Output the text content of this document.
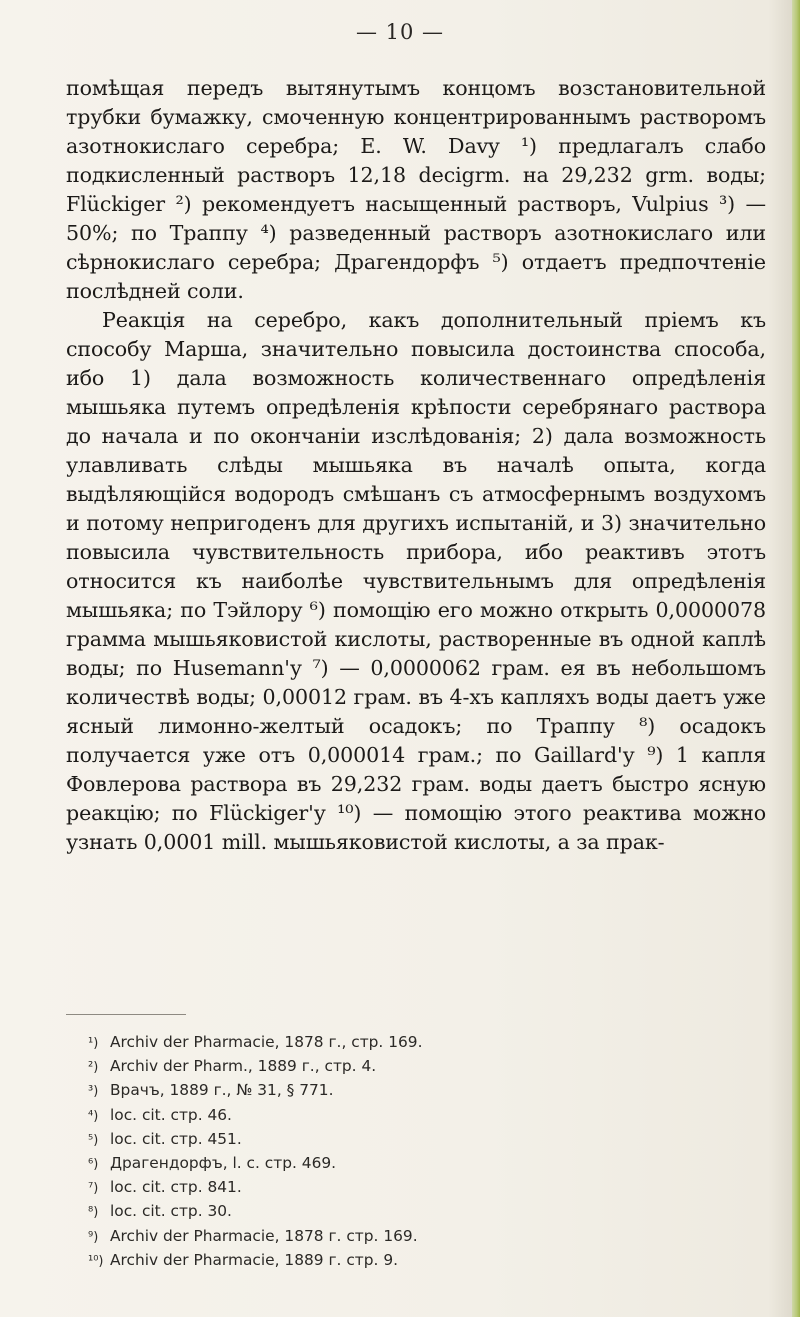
— 10 —

помѣщая передъ вытянутымъ концомъ возстановительной трубки бумажку, смоченную концентрированнымъ растворомъ азотнокислаго серебра; E. W. Davy ¹) предлагалъ слабо подкисленный растворъ 12,18 decigrm. на 29,232 grm. воды; Flückiger ²) рекомендуетъ насыщенный растворъ, Vulpius ³) — 50%; по Траппу ⁴) разведенный растворъ азотнокислаго или сѣрнокислаго серебра; Драгендорфъ ⁵) отдаетъ предпочтеніе послѣдней соли.

Реакція на серебро, какъ дополнительный пріемъ къ способу Марша, значительно повысила достоинства способа, ибо 1) дала возможность количественнаго опредѣленія мышьяка путемъ опредѣленія крѣпости серебрянаго раствора до начала и по окончаніи изслѣдованія; 2) дала возможность улавливать слѣды мышьяка въ началѣ опыта, когда выдѣляющійся водородъ смѣшанъ съ атмосфернымъ воздухомъ и потому непригоденъ для другихъ испытаній, и 3) значительно повысила чувствительность прибора, ибо реактивъ этотъ относится къ наиболѣе чувствительнымъ для опредѣленія мышьяка; по Тэйлору ⁶) помощію его можно открыть 0,0000078 грамма мышьяковистой кислоты, растворенные въ одной каплѣ воды; по Husemann'у ⁷) — 0,0000062 грам. ея въ небольшомъ количествѣ воды; 0,00012 грам. въ 4-хъ капляхъ воды даетъ уже ясный лимонно-желтый осадокъ; по Траппу ⁸) осадокъ получается уже отъ 0,000014 грам.; по Gaillard'у ⁹) 1 капля Фовлерова раствора въ 29,232 грам. воды даетъ быстро ясную реакцію; по Flückiger'у ¹⁰) — помощію этого реактива можно узнать 0,0001 mill. мышьяковистой кислоты, а за прак-

¹) Archiv der Pharmacie, 1878 г., стр. 169.
²) Archiv der Pharm., 1889 г., стр. 4.
³) Врачъ, 1889 г., № 31, § 771.
⁴) loc. cit. стр. 46.
⁵) loc. cit. стр. 451.
⁶) Драгендорфъ, l. c. стр. 469.
⁷) loc. cit. стр. 841.
⁸) loc. cit. стр. 30.
⁹) Archiv der Pharmacie, 1878 г. стр. 169.
¹⁰) Archiv der Pharmacie, 1889 г. стр. 9.
